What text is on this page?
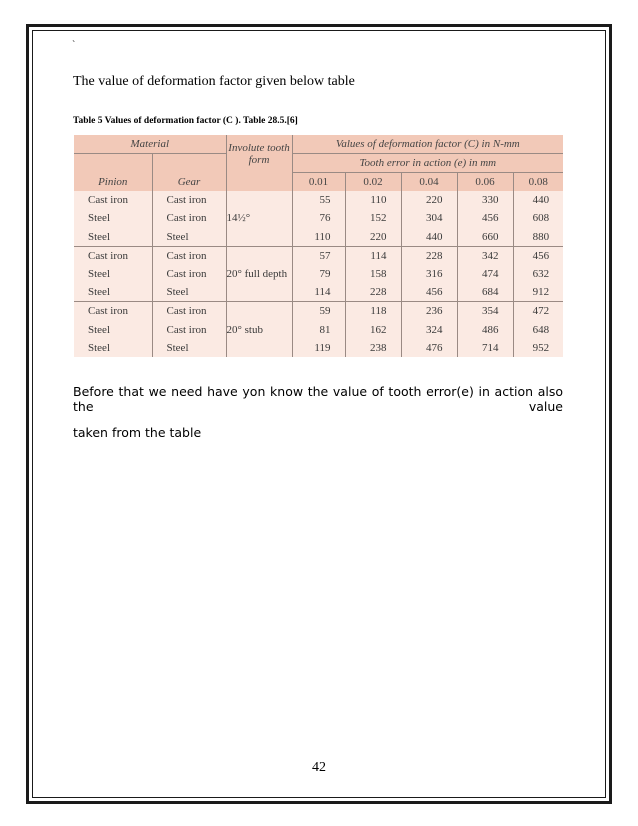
`
The value of deformation factor given below table
Table 5 Values of deformation factor (C ). Table 28.5.[6]
Material		Involute tooth form	Values of deformation factor (C) in N-mm				
Pinion	Gear		Tooth error in action (e) in mm				
			0.01	0.02	0.04	0.06	0.08
Cast iron	Cast iron	14½°	55	110	220	330	440
Steel	Cast iron		76	152	304	456	608
Steel	Steel		110	220	440	660	880
Cast iron	Cast iron	20° full depth	57	114	228	342	456
Steel	Cast iron		79	158	316	474	632
Steel	Steel		114	228	456	684	912
Cast iron	Cast iron	20° stub	59	118	236	354	472
Steel	Cast iron		81	162	324	486	648
Steel	Steel		119	238	476	714	952
Before that we need have yon know the value of tooth error(e) in action also the value
taken from the table
42
